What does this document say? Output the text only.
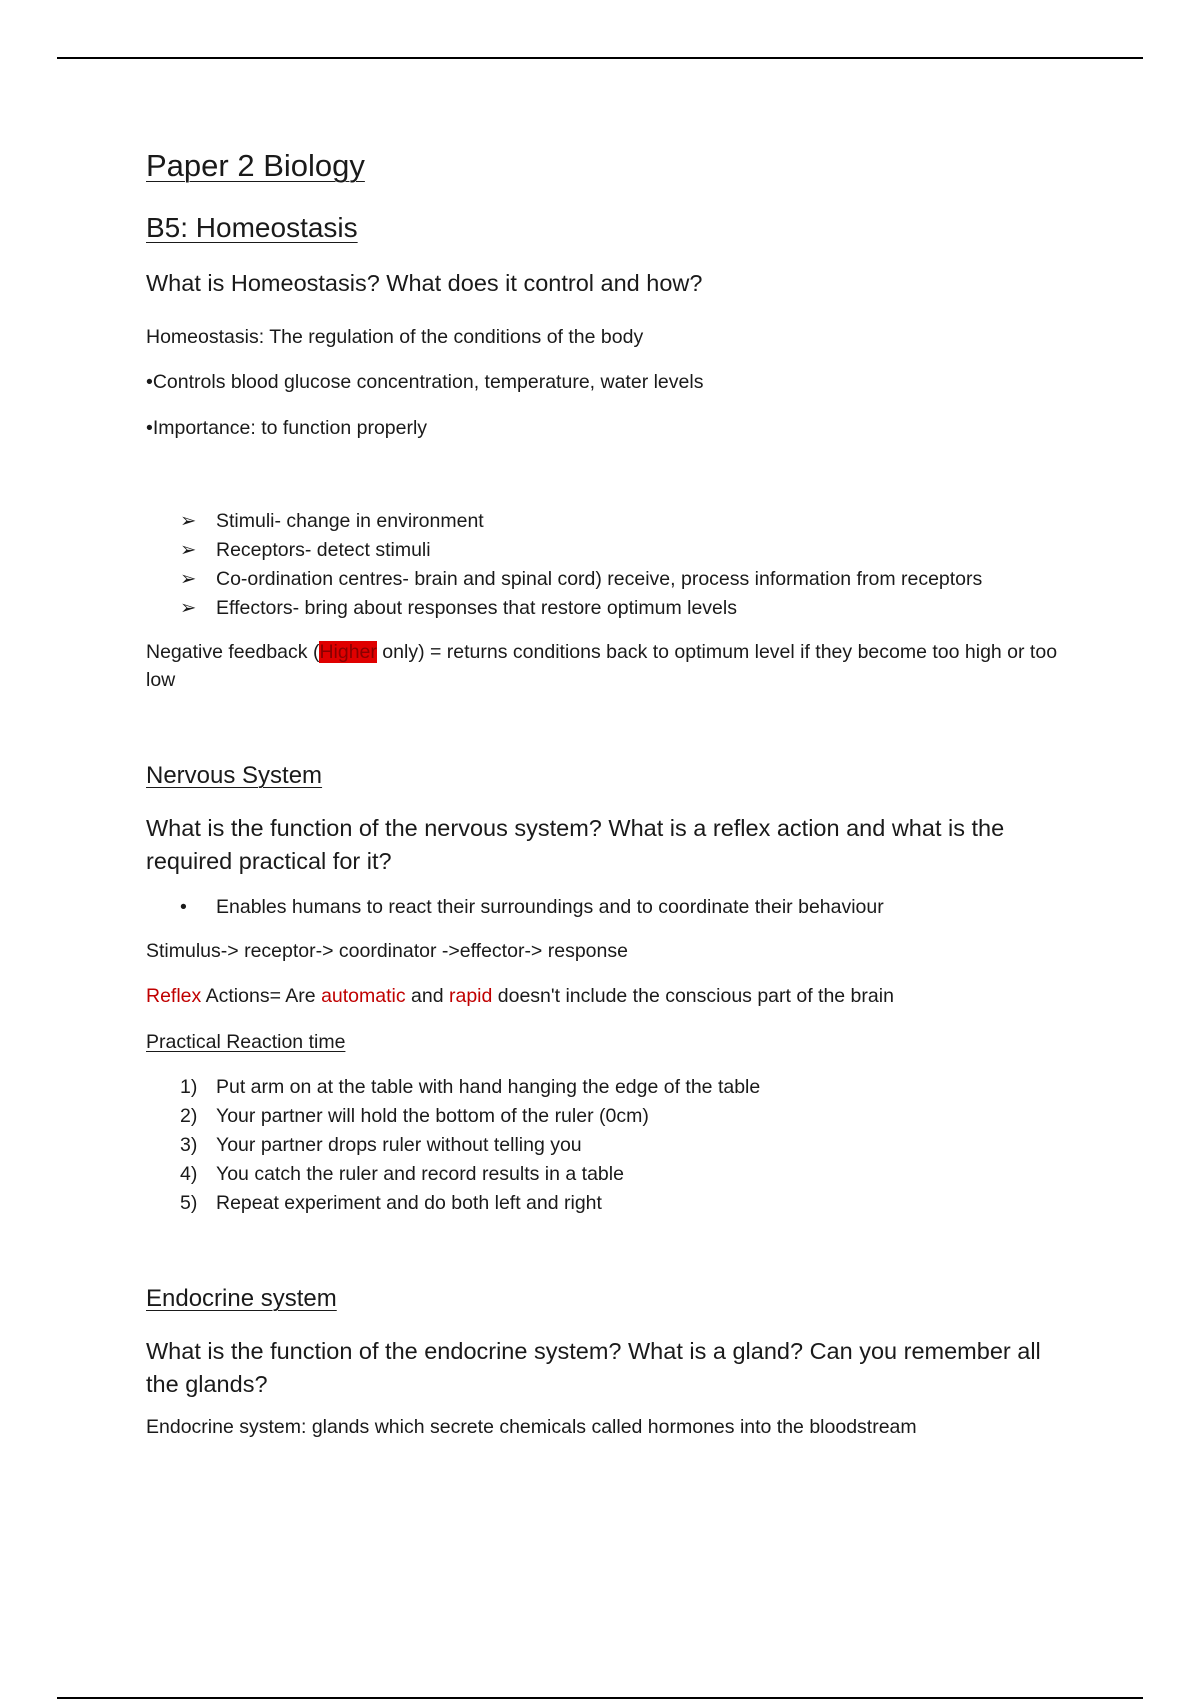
Paper 2 Biology
B5: Homeostasis
What is Homeostasis? What does it control and how?
Homeostasis: The regulation of the conditions of the body
•Controls blood glucose concentration, temperature, water levels
•Importance: to function properly
➢ Stimuli- change in environment
➢ Receptors- detect stimuli
➢ Co-ordination centres- brain and spinal cord) receive, process information from receptors
➢ Effectors- bring about responses that restore optimum levels
Negative feedback (Higher only) = returns conditions back to optimum level if they become too high or too low
Nervous System
What is the function of the nervous system? What is a reflex action and what is the required practical for it?
• Enables humans to react their surroundings and to coordinate their behaviour
Stimulus-> receptor-> coordinator ->effector-> response
Reflex Actions= Are automatic and rapid doesn't include the conscious part of the brain
Practical Reaction time
1) Put arm on at the table with hand hanging the edge of the table
2) Your partner will hold the bottom of the ruler (0cm)
3) Your partner drops ruler without telling you
4) You catch the ruler and record results in a table
5) Repeat experiment and do both left and right
Endocrine system
What is the function of the endocrine system? What is a gland? Can you remember all the glands?
Endocrine system: glands which secrete chemicals called hormones into the bloodstream
